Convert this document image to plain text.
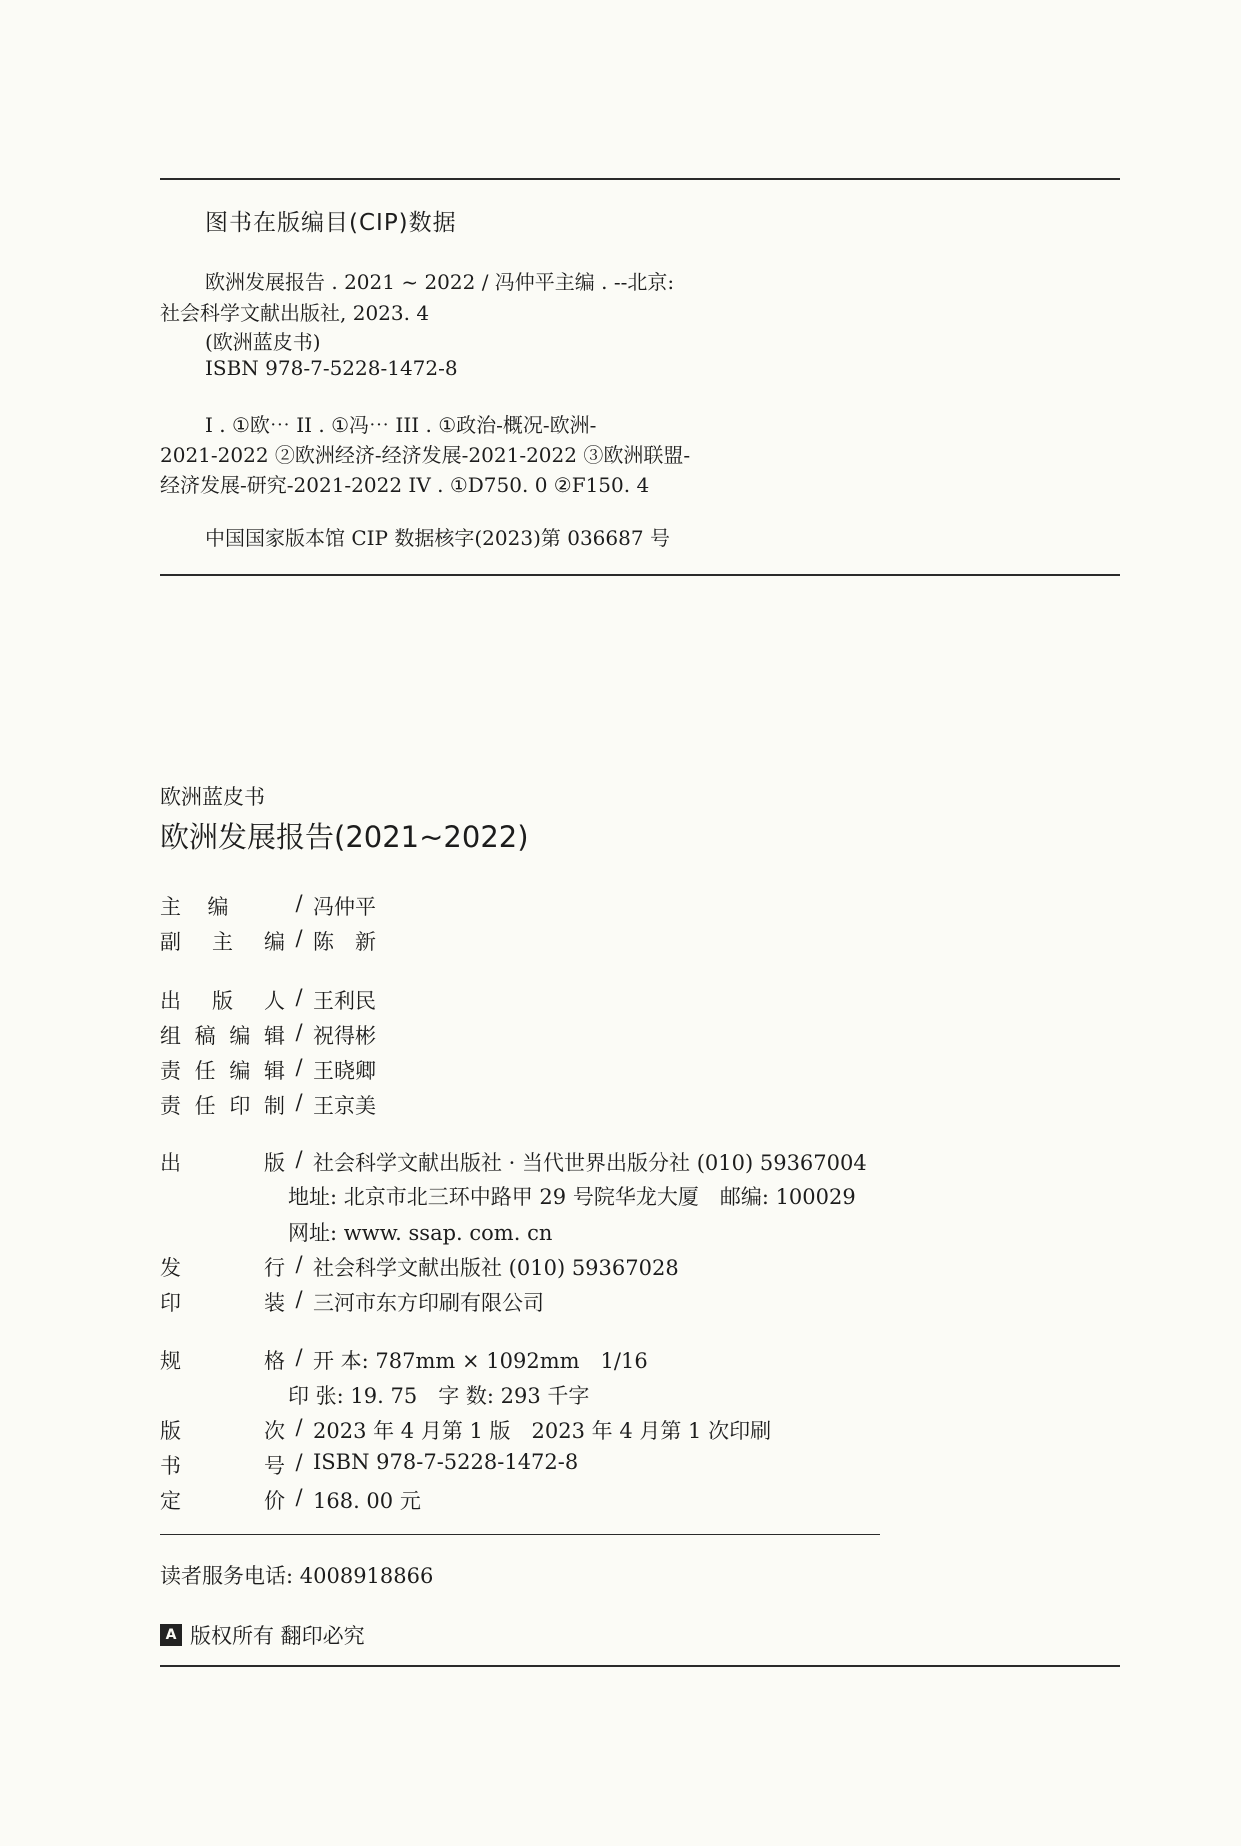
图书在版编目(CIP)数据
欧洲发展报告 . 2021 ~ 2022 / 冯仲平主编 . --北京:
社会科学文献出版社, 2023. 4
(欧洲蓝皮书)
ISBN 978-7-5228-1472-8
I . ①欧⋯ II . ①冯⋯ III . ①政治-概况-欧洲-
2021-2022 ②欧洲经济-经济发展-2021-2022 ③欧洲联盟-
经济发展-研究-2021-2022 IV . ①D750. 0 ②F150. 4
中国国家版本馆 CIP 数据核字(2023)第 036687 号
欧洲蓝皮书
欧洲发展报告(2021~2022)
主 编	/ 冯仲平
副 主 编 / 陈　新
出 版 人 / 王利民
组 稿 编 辑 / 祝得彬
责 任 编 辑 / 王晓卿
责 任 印 制 / 王京美
出	版 / 社会科学文献出版社 · 当代世界出版分社 (010) 59367004
地址: 北京市北三环中路甲 29 号院华龙大厦　邮编: 100029
网址: www. ssap. com. cn
发	行 / 社会科学文献出版社 (010) 59367028
印	装 / 三河市东方印刷有限公司
规	格 / 开 本: 787mm × 1092mm　1/16
印 张: 19. 75　字 数: 293 千字
版	次 / 2023 年 4 月第 1 版　2023 年 4 月第 1 次印刷
书	号 / ISBN 978-7-5228-1472-8
定	价 / 168. 00 元
读者服务电话: 4008918866
A 版权所有 翻印必究
